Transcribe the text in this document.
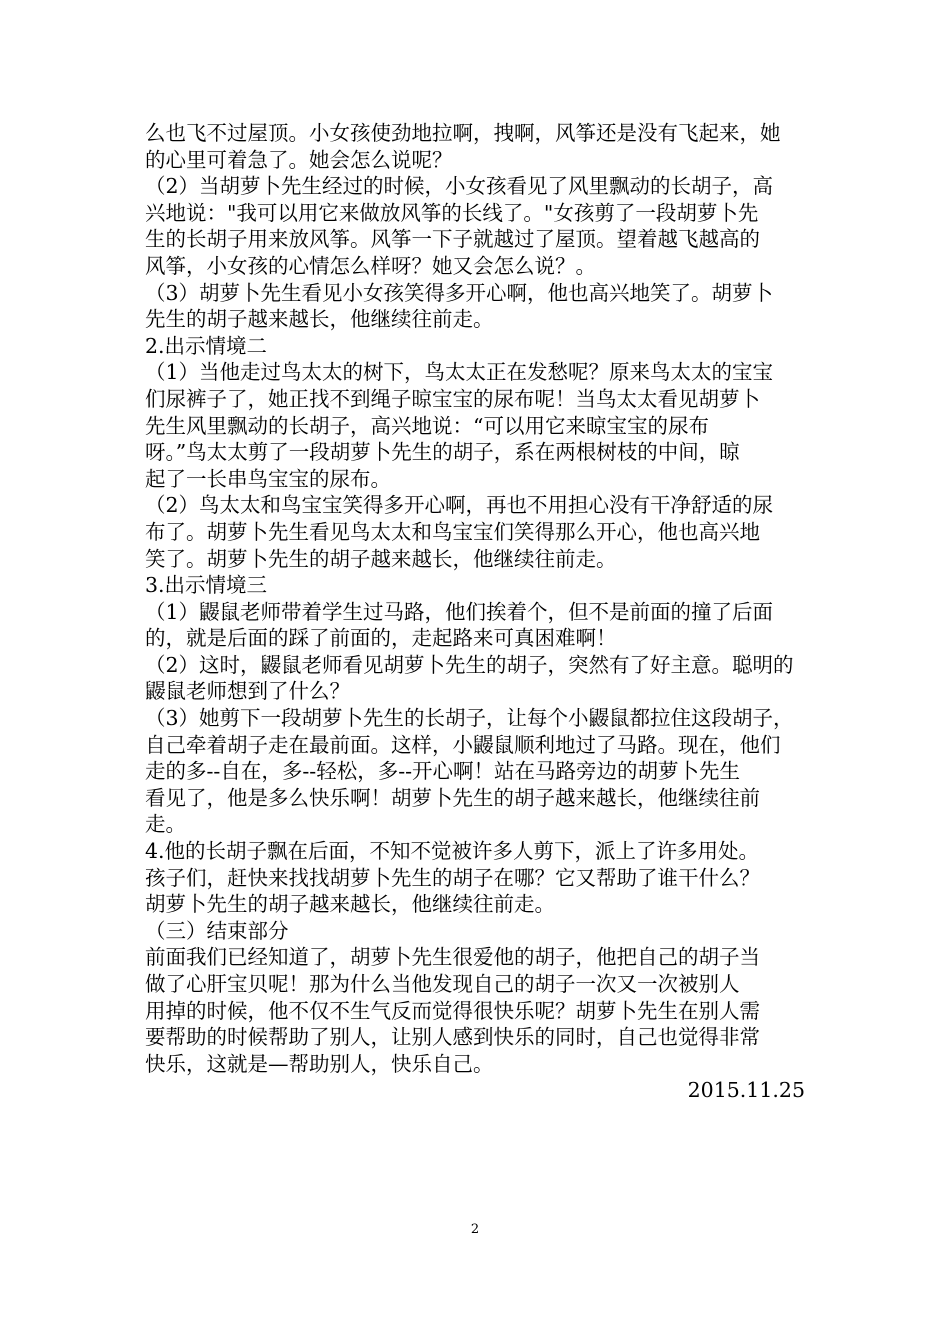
么也飞不过屋顶。小女孩使劲地拉啊，拽啊，风筝还是没有飞起来，她
的心里可着急了。她会怎么说呢？
（2）当胡萝卜先生经过的时候，小女孩看见了风里飘动的长胡子，高
兴地说："我可以用它来做放风筝的长线了。"女孩剪了一段胡萝卜先
生的长胡子用来放风筝。风筝一下子就越过了屋顶。望着越飞越高的
风筝，小女孩的心情怎么样呀？她又会怎么说？。
（3）胡萝卜先生看见小女孩笑得多开心啊，他也高兴地笑了。胡萝卜
先生的胡子越来越长，他继续往前走。
2.出示情境二
（1）当他走过鸟太太的树下，鸟太太正在发愁呢？原来鸟太太的宝宝
们尿裤子了，她正找不到绳子晾宝宝的尿布呢！当鸟太太看见胡萝卜
先生风里飘动的长胡子，高兴地说：“可以用它来晾宝宝的尿布
呀。”鸟太太剪了一段胡萝卜先生的胡子，系在两根树枝的中间，晾
起了一长串鸟宝宝的尿布。
（2）鸟太太和鸟宝宝笑得多开心啊，再也不用担心没有干净舒适的尿
布了。胡萝卜先生看见鸟太太和鸟宝宝们笑得那么开心，他也高兴地
笑了。胡萝卜先生的胡子越来越长，他继续往前走。
3.出示情境三
（1）鼹鼠老师带着学生过马路，他们挨着个，但不是前面的撞了后面
的，就是后面的踩了前面的，走起路来可真困难啊！
（2）这时，鼹鼠老师看见胡萝卜先生的胡子，突然有了好主意。聪明的
鼹鼠老师想到了什么？
（3）她剪下一段胡萝卜先生的长胡子，让每个小鼹鼠都拉住这段胡子，
自己牵着胡子走在最前面。这样，小鼹鼠顺利地过了马路。现在，他们
走的多--自在，多--轻松，多--开心啊！站在马路旁边的胡萝卜先生
看见了，他是多么快乐啊！胡萝卜先生的胡子越来越长，他继续往前
走。
4.他的长胡子飘在后面，不知不觉被许多人剪下，派上了许多用处。
孩子们，赶快来找找胡萝卜先生的胡子在哪？它又帮助了谁干什么？
胡萝卜先生的胡子越来越长，他继续往前走。
（三）结束部分
前面我们已经知道了，胡萝卜先生很爱他的胡子，他把自己的胡子当
做了心肝宝贝呢！那为什么当他发现自己的胡子一次又一次被别人
用掉的时候，他不仅不生气反而觉得很快乐呢？胡萝卜先生在别人需
要帮助的时候帮助了别人，让别人感到快乐的同时，自己也觉得非常
快乐，这就是—帮助别人，快乐自己。
2015.11.25
2
